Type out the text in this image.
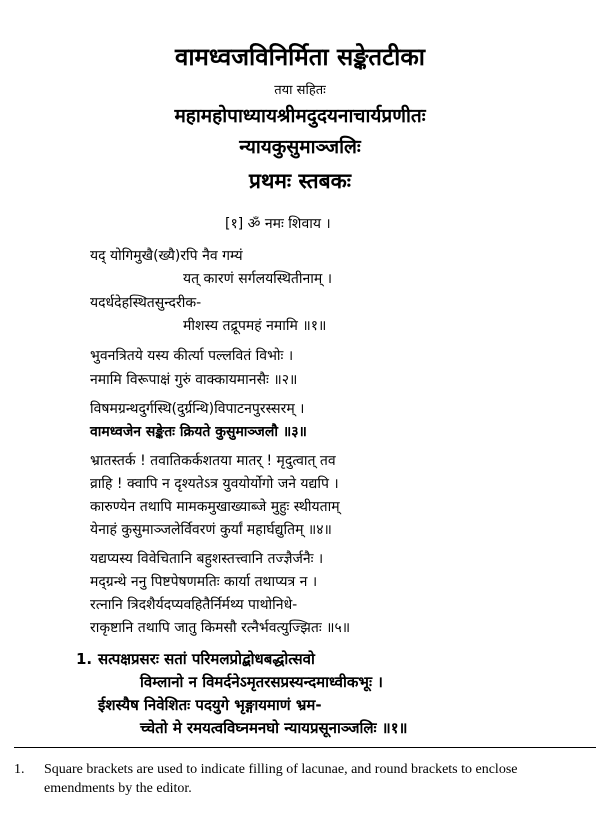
वामध्वजविनिर्मिता सङ्केतटीका
तया सहितः
महामहोपाध्यायश्रीमदुदयनाचार्यप्रणीतः
न्यायकुसुमाञ्जलिः
प्रथमः स्तबकः
[१] ॐ नमः शिवाय ।
यद् योगिमुखै(ख्यै)रपि नैव गम्यं
यत् कारणं सर्गलयस्थितीनाम् ।
यदर्धदेहस्थितसुन्दरीक-
मीशस्य तद्रूपमहं नमामि ॥१॥
भुवनत्रितये यस्य कीर्त्या पल्लवितं विभोः ।
नमामि विरूपाक्षं गुरुं वाक्कायमानसैः ॥२॥
विषमग्रन्थदुर्गस्थि(दुर्ग्रन्थि)विपाटनपुरस्सरम् ।
वामध्वजेन सङ्केतः क्रियते कुसुमाञ्जलौ ॥३॥
भ्रातस्तर्क ! तवातिकर्कशतया मातर् ! मृदुत्वात् तव
व्राहि ! क्वापि न दृश्यतेऽत्र युवयोर्योगो जने यद्यपि ।
कारुण्येन तथापि मामकमुखाख्याब्जे मुहुः स्थीयताम्
येनाहं कुसुमाञ्जलेर्विवरणं कुर्यां महार्घद्युतिम् ॥४॥
यद्यप्यस्य विवेचितानि बहुशस्तत्त्वानि तज्ज्ञैर्जनैः ।
मद्ग्रन्थे ननु पिष्टपेषणमतिः कार्या तथाप्यत्र न ।
रत्नानि त्रिदशैर्यदप्यवहितैर्निर्मथ्य पाथोनिधे-
राकृष्टानि तथापि जातु किमसौ रत्नैर्भवत्युज्झितः ॥५॥
1. सत्पक्षप्रसरः सतां परिमलप्रोद्बोधबद्धोत्सवो
विम्लानो न विमर्दनेऽमृतरसप्रस्यन्दमाध्वीकभूः ।
ईशस्यैष निवेशितः पदयुगे भृङ्गायमाणं भ्रम-
च्चेतो मे रमयत्वविघ्नमनघो न्यायप्रसूनाञ्जलिः ॥१॥
1. Square brackets are used to indicate filling of lacunae, and round brackets to enclose emendments by the editor.
